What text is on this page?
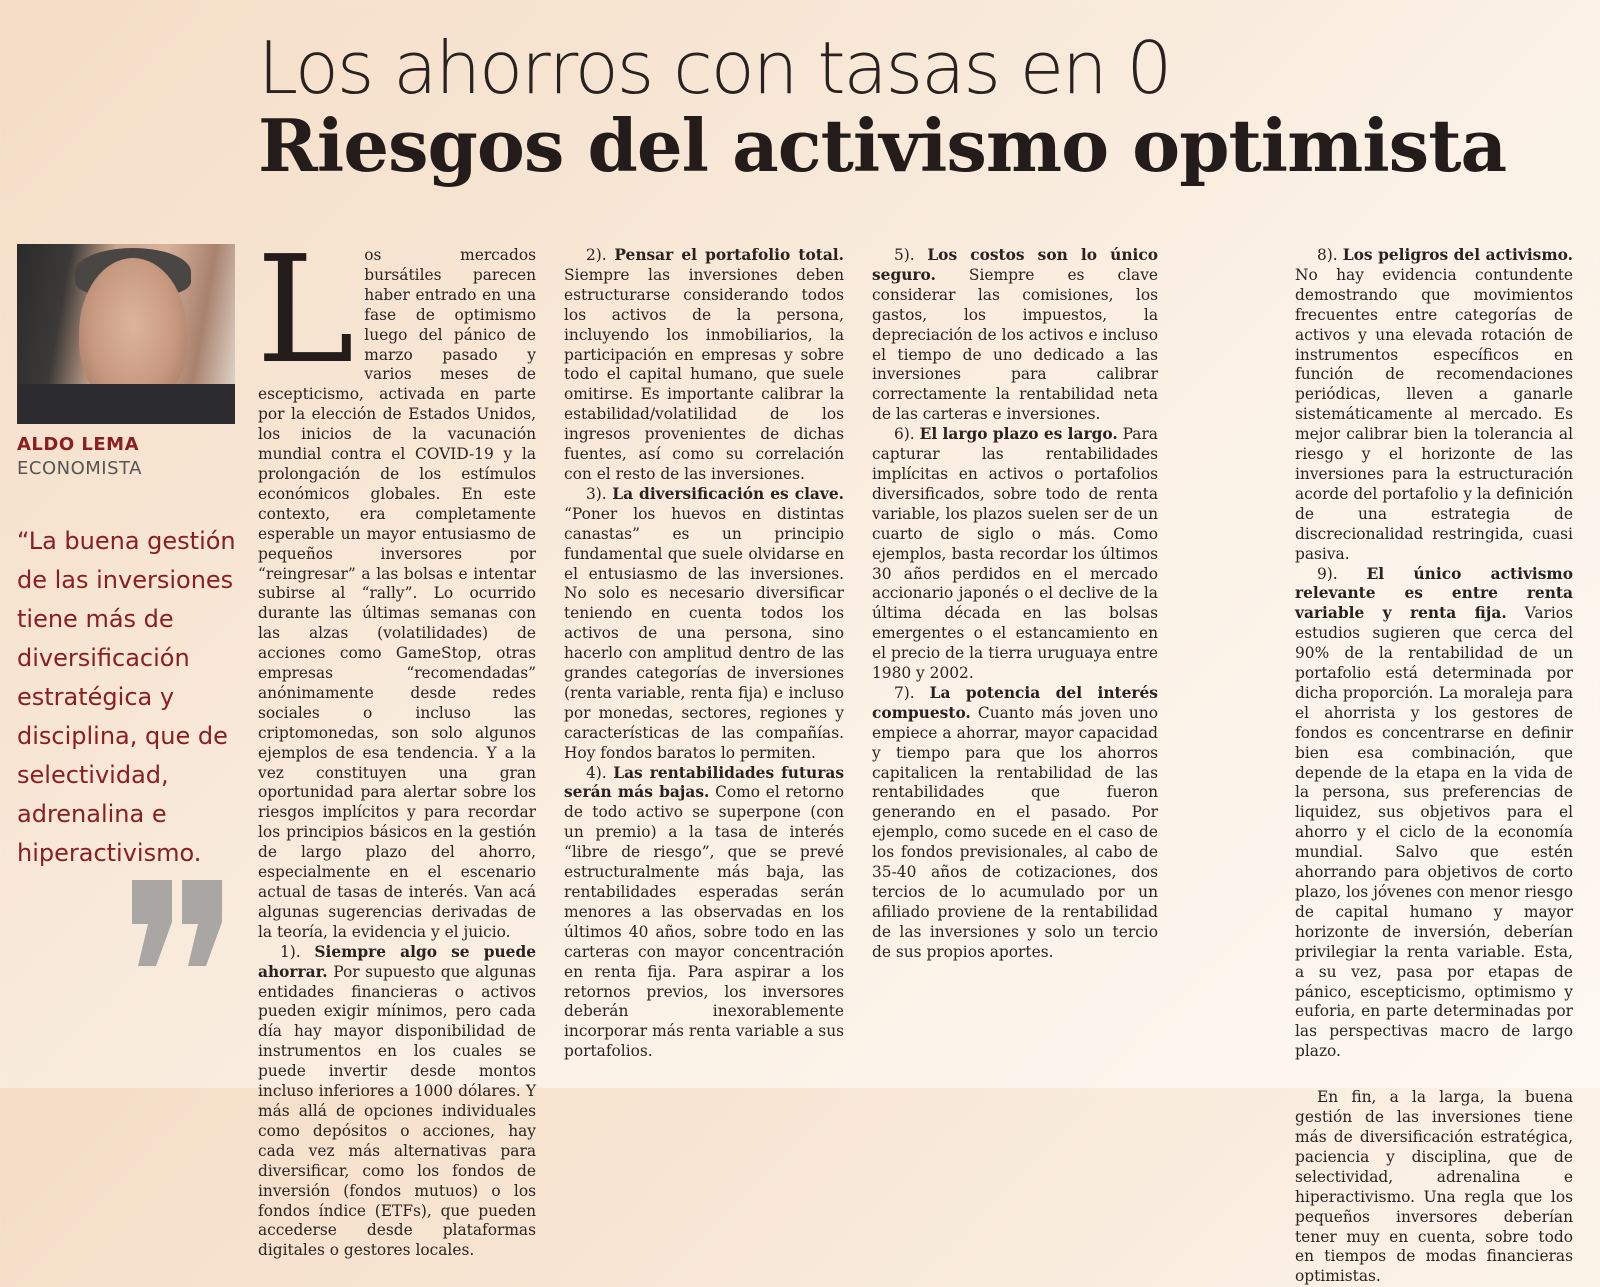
Los ahorros con tasas en 0
Riesgos del activismo optimista
ALDO LEMA
ECONOMISTA

“La buena gestión de las inversiones tiene más de diversificación estratégica y disciplina, que de selectividad, adrenalina e hiperactivismo.

Los mercados bursátiles parecen haber entrado en una fase de optimismo luego del pánico de marzo pasado y varios meses de escepticismo, activada en parte por la elección de Estados Unidos, los inicios de la vacunación mundial contra el COVID-19 y la prolongación de los estímulos económicos globales. En este contexto, era completamente esperable un mayor entusiasmo de pequeños inversores por “reingresar” a las bolsas e intentar subirse al “rally”. Lo ocurrido durante las últimas semanas con las alzas (volatilidades) de acciones como GameStop, otras empresas “recomendadas” anónimamente desde redes sociales o incluso las criptomonedas, son solo algunos ejemplos de esa tendencia. Y a la vez constituyen una gran oportunidad para alertar sobre los riesgos implícitos y para recordar los principios básicos en la gestión de largo plazo del ahorro, especialmente en el escenario actual de tasas de interés. Van acá algunas sugerencias derivadas de la teoría, la evidencia y el juicio.

1). Siempre algo se puede ahorrar. Por supuesto que algunas entidades financieras o activos pueden exigir mínimos, pero cada día hay mayor disponibilidad de instrumentos en los cuales se puede invertir desde montos incluso inferiores a 1000 dólares. Y más allá de opciones individuales como depósitos o acciones, hay cada vez más alternativas para diversificar, como los fondos de inversión (fondos mutuos) o los fondos índice (ETFs), que pueden accederse desde plataformas digitales o gestores locales.

2). Pensar el portafolio total. Siempre las inversiones deben estructurarse considerando todos los activos de la persona, incluyendo los inmobiliarios, la participación en empresas y sobre todo el capital humano, que suele omitirse. Es importante calibrar la estabilidad/volatilidad de los ingresos provenientes de dichas fuentes, así como su correlación con el resto de las inversiones.

3). La diversificación es clave. “Poner los huevos en distintas canastas” es un principio fundamental que suele olvidarse en el entusiasmo de las inversiones. No solo es necesario diversificar teniendo en cuenta todos los activos de una persona, sino hacerlo con amplitud dentro de las grandes categorías de inversiones (renta variable, renta fija) e incluso por monedas, sectores, regiones y características de las compañías. Hoy fondos baratos lo permiten.

4). Las rentabilidades futuras serán más bajas. Como el retorno de todo activo se superpone (con un premio) a la tasa de interés “libre de riesgo”, que se prevé estructuralmente más baja, las rentabilidades esperadas serán menores a las observadas en los últimos 40 años, sobre todo en las carteras con mayor concentración en renta fija. Para aspirar a los retornos previos, los inversores deberán inexorablemente incorporar más renta variable a sus portafolios.

5). Los costos son lo único seguro. Siempre es clave considerar las comisiones, los gastos, los impuestos, la depreciación de los activos e incluso el tiempo de uno dedicado a las inversiones para calibrar correctamente la rentabilidad neta de las carteras e inversiones.

6). El largo plazo es largo. Para capturar las rentabilidades implícitas en activos o portafolios diversificados, sobre todo de renta variable, los plazos suelen ser de un cuarto de siglo o más. Como ejemplos, basta recordar los últimos 30 años perdidos en el mercado accionario japonés o el declive de la última década en las bolsas emergentes o el estancamiento en el precio de la tierra uruguaya entre 1980 y 2002.

7). La potencia del interés compuesto. Cuanto más joven uno empiece a ahorrar, mayor capacidad y tiempo para que los ahorros capitalicen la rentabilidad de las rentabilidades que fueron generando en el pasado. Por ejemplo, como sucede en el caso de los fondos previsionales, al cabo de 35-40 años de cotizaciones, dos tercios de lo acumulado por un afiliado proviene de la rentabilidad de las inversiones y solo un tercio de sus propios aportes.

8). Los peligros del activismo. No hay evidencia contundente demostrando que movimientos frecuentes entre categorías de activos y una elevada rotación de instrumentos específicos en función de recomendaciones periódicas, lleven a ganarle sistemáticamente al mercado. Es mejor calibrar bien la tolerancia al riesgo y el horizonte de las inversiones para la estructuración acorde del portafolio y la definición de una estrategia de discrecionalidad restringida, cuasi pasiva.

9). El único activismo relevante es entre renta variable y renta fija. Varios estudios sugieren que cerca del 90% de la rentabilidad de un portafolio está determinada por dicha proporción. La moraleja para el ahorrista y los gestores de fondos es concentrarse en definir bien esa combinación, que depende de la etapa en la vida de la persona, sus preferencias de liquidez, sus objetivos para el ahorro y el ciclo de la economía mundial. Salvo que estén ahorrando para objetivos de corto plazo, los jóvenes con menor riesgo de capital humano y mayor horizonte de inversión, deberían privilegiar la renta variable. Esta, a su vez, pasa por etapas de pánico, escepticismo, optimismo y euforia, en parte determinadas por las perspectivas macro de largo plazo.

En fin, a la larga, la buena gestión de las inversiones tiene más de diversificación estratégica, paciencia y disciplina, que de selectividad, adrenalina e hiperactivismo. Una regla que los pequeños inversores deberían tener muy en cuenta, sobre todo en tiempos de modas financieras optimistas.
